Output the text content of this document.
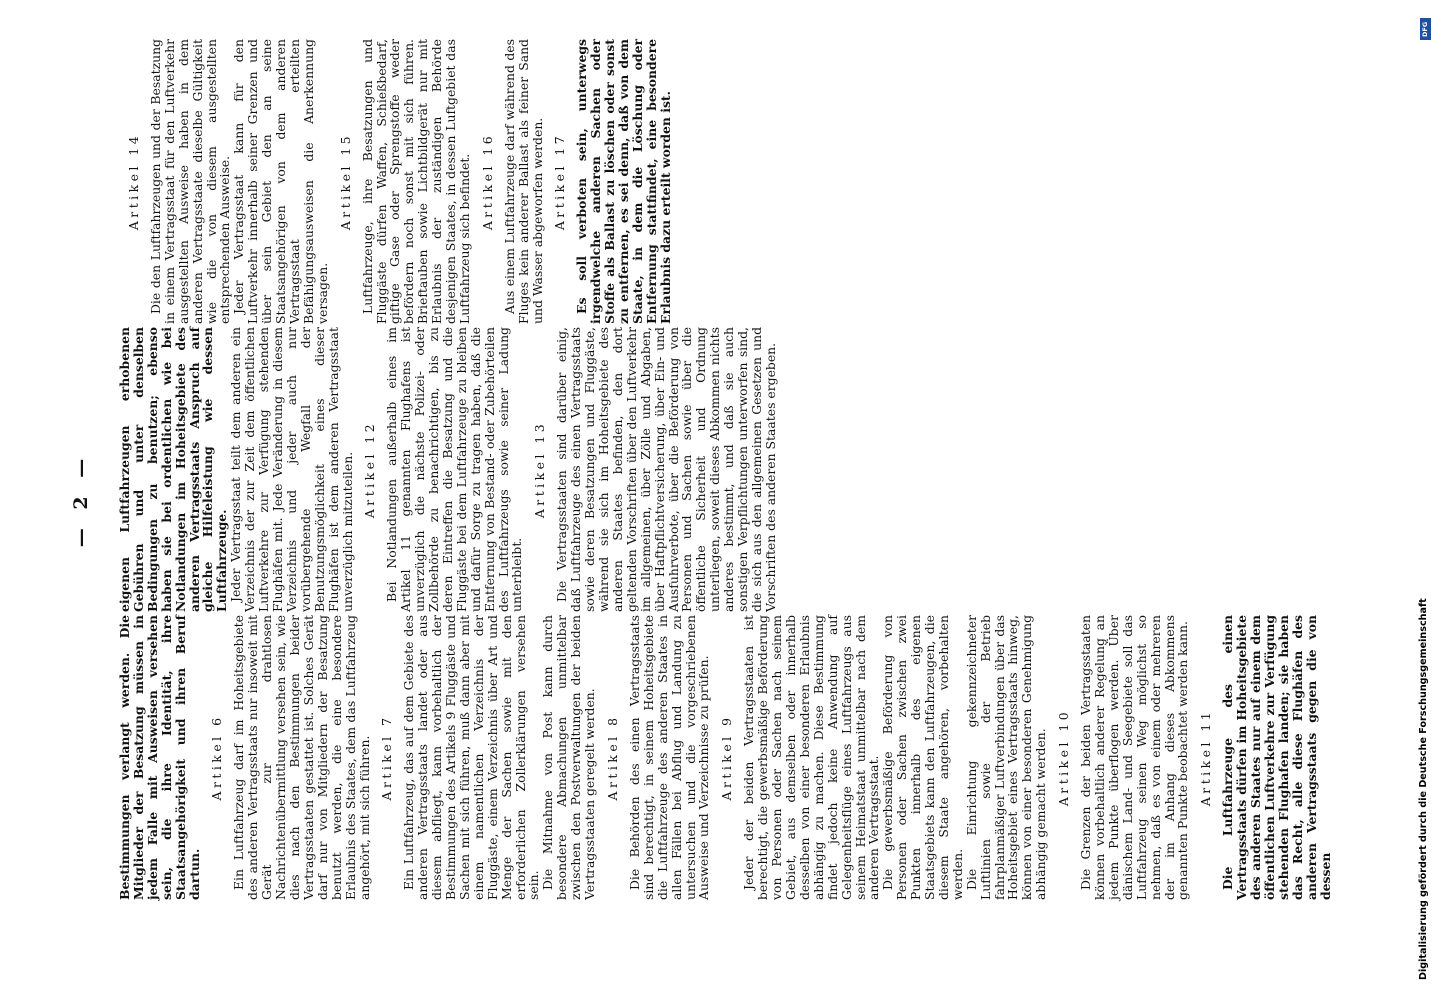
— 2 —

Bestimmungen verlangt werden. Die Mitglieder der Besatzung müssen in jedem Falle mit Ausweisen versehen sein, die ihre Identität, ihre Staatsangehörigkeit und ihren Beruf dartun.

Artikel 6 Ein Luftfahrzeug darf im Hoheitsgebiete des anderen Vertragsstaats nur insoweit mit Gerät zur drahtlosen Nachrichtenübermittlung versehen sein, wie dies nach den Bestimmungen beider Vertragsstaaten gestattet ist. Solches Gerät darf nur von Mitgliedern der Besatzung benutzt werden, die eine besondere Erlaubnis des Staates, dem das Luftfahrzeug angehört, mit sich führen. Artikel 7 Ein Luftfahrzeug, das auf dem Gebiete des anderen Vertragsstaats landet oder aus diesem abfliegt, kann vorbehaltlich der Bestimmungen des Artikels 9 Fluggäste und Sachen mit sich führen, muß dann aber mit einem namentlichen Verzeichnis der Fluggäste, einem Verzeichnis über Art und Menge der Sachen sowie mit den erforderlichen Zollerklärungen versehen sein.

Die Mitnahme von Post kann durch besondere Abmachungen unmittelbar zwischen den Postverwaltungen der beiden Vertragsstaaten geregelt werden. Artikel 8 Die Behörden des einen Vertragsstaats sind berechtigt, in seinem Hoheitsgebiete die Luftfahrzeuge des anderen Staates in allen Fällen bei Abflug und Landung zu untersuchen und die vorgeschriebenen Ausweise und Verzeichnisse zu prüfen. Artikel 9 Jeder der beiden Vertragsstaaten ist berechtigt, die gewerbsmäßige Beförderung von Personen oder Sachen nach seinem Gebiet, aus demselben oder innerhalb desselben von einer besonderen Erlaubnis abhängig zu machen. Diese Bestimmung findet jedoch keine Anwendung auf Gelegenheitsflüge eines Luftfahrzeugs aus seinem Heimatstaat unmittelbar nach dem anderen Vertragsstaat.

Die gewerbsmäßige Beförderung von Personen oder Sachen zwischen zwei Punkten innerhalb des eigenen Staatsgebiets kann den Luftfahrzeugen, die diesem Staate angehören, vorbehalten werden.

Die Einrichtung gekennzeichneter Luftlinien sowie der Betrieb fahrplanmäßiger Luftverbindungen über das Hoheitsgebiet eines Vertragsstaats hinweg, können von einer besonderen Genehmigung abhängig gemacht werden. Artikel 10 Die Grenzen der beiden Vertragsstaaten können vorbehaltlich anderer Regelung an jedem Punkte überflogen werden. Über dänischem Land- und Seegebiete soll das Luftfahrzeug seinen Weg möglichst so nehmen, daß es von einem oder mehreren der im Anhang dieses Abkommens genannten Punkte beobachtet werden kann. Artikel 11 Die Luftfahrzeuge des einen Vertragsstaats dürfen im Hoheitsgebiete des anderen Staates nur auf einem dem öffentlichen Luftverkehre zur Verfügung stehenden Flughafen landen; sie haben das Recht, alle diese Flughäfen des anderen Vertragsstaats gegen die von dessen

eigenen Luftfahrzeugen erhobenen Gebühren und unter denselben Bedingungen zu benutzen; ebenso haben sie bei ordentlichen wie bei Notlandungen im Hoheitsgebiete des anderen Vertragsstaats Anspruch auf gleiche Hilfeleistung wie dessen Luftfahrzeuge.

Jeder Vertragsstaat teilt dem anderen ein Verzeichnis der zur Zeit dem öffentlichen Luftverkehre zur Verfügung stehenden Flughäfen mit. Jede Veränderung in diesem Verzeichnis und jeder auch nur vorübergehende Wegfall der Benutzungsmöglichkeit eines dieser Flughäfen ist dem anderen Vertragsstaat unverzüglich mitzuteilen. Artikel 12 Bei Notlandungen außerhalb eines im Artikel 11 genannten Flughafens ist unverzüglich die nächste Polizei- oder Zollbehörde zu benachrichtigen, bis zu deren Eintreffen die Besatzung und die Fluggäste bei dem Luftfahrzeuge zu bleiben und dafür Sorge zu tragen haben, daß die Entfernung von Bestand- oder Zubehörteilen des Luftfahrzeugs sowie seiner Ladung unterbleibt.

Artikel 13 Die Vertragsstaaten sind darüber einig, daß Luftfahrzeuge des einen Vertragsstaats sowie deren Besatzungen und Fluggäste, während sie sich im Hoheitsgebiete des anderen Staates befinden, den dort geltenden Vorschriften über den Luftverkehr im allgemeinen, über Zölle und Abgaben, über Haftpflichtversicherung, über Ein- und Ausfuhrverbote, über die Beförderung von Personen und Sachen sowie über die öffentliche Sicherheit und Ordnung unterliegen, soweit dieses Abkommen nichts anderes bestimmt, und daß sie auch sonstigen Verpflichtungen unterworfen sind, die sich aus den allgemeinen Gesetzen und Vorschriften des anderen Staates ergeben.

Artikel 14 Die den Luftfahrzeugen und der Besatzung in einem Vertragsstaat für den Luftverkehr ausgestellten Ausweise haben in dem anderen Vertragsstaate dieselbe Gültigkeit wie die von diesem ausgestellten entsprechenden Ausweise.

Jeder Vertragsstaat kann für den Luftverkehr innerhalb seiner Grenzen und über sein Gebiet den an seine Staatsangehörigen von dem anderen Vertragsstaat erteilten Befähigungsausweisen die Anerkennung versagen.

Artikel 15 Luftfahrzeuge, ihre Besatzungen und Fluggäste dürfen Waffen, Schießbedarf, giftige Gase oder Sprengstoffe weder befördern noch sonst mit sich führen. Brieftauben sowie Lichtbildgerät nur mit Erlaubnis der zuständigen Behörde desjenigen Staates, in dessen Luftgebiet das Luftfahrzeug sich befindet. Artikel 16 Aus einem Luftfahrzeuge darf während des Fluges kein anderer Ballast als feiner Sand und Wasser abgeworfen werden. Artikel 17 Es soll verboten sein, unterwegs irgendwelche anderen Sachen oder Stoffe als Ballast zu löschen oder sonst zu entfernen, es sei denn, daß von dem Staate, in dem die Löschung oder Entfernung stattfindet, eine besondere Erlaubnis dazu erteilt worden ist.

DFG
Digitalisierung gefördert durch die Deutsche Forschungsgemeinschaft
